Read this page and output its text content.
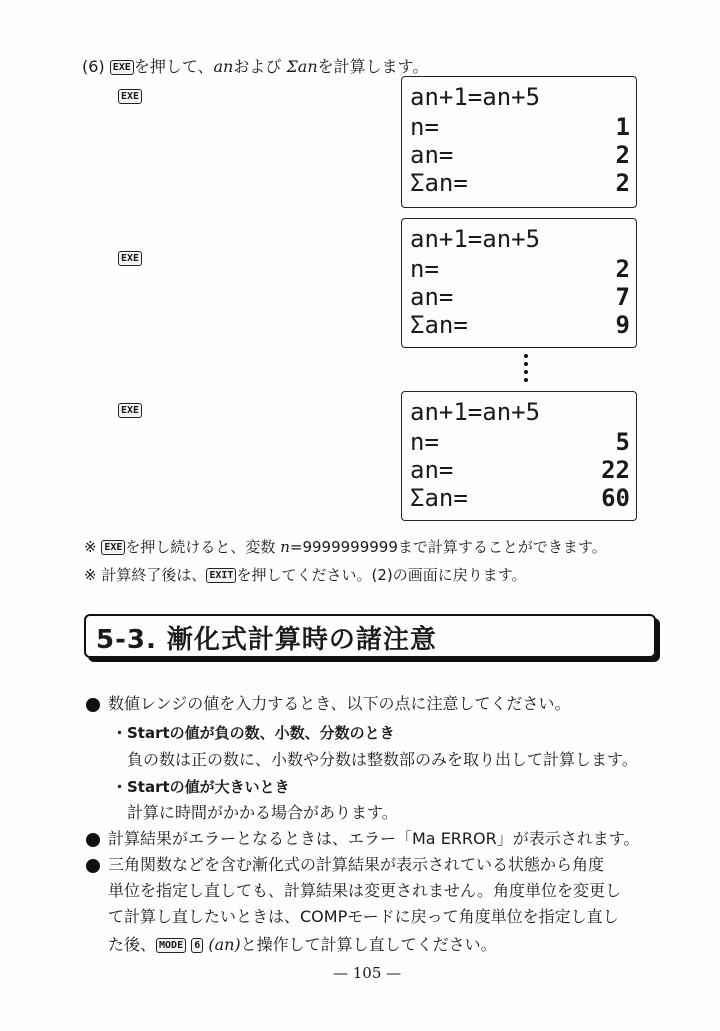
(6) EXE を押して、anおよび Σanを計算します。
EXE
EXE
EXE
an+1=an+5
n=	1
an=	2
Σan=	2
an+1=an+5
n=	2
an=	7
Σan=	9
an+1=an+5
n=	5
an=	22
Σan=	60
※ EXE を押し続けると、変数 n=9999999999まで計算することができます。
※ 計算終了後は、 EXIT を押してください。(2)の画面に戻ります。
5-3. 漸化式計算時の諸注意
数値レンジの値を入力するとき、以下の点に注意してください。
・Startの値が負の数、小数、分数のとき
負の数は正の数に、小数や分数は整数部のみを取り出して計算します。
・Startの値が大きいとき
計算に時間がかかる場合があります。
計算結果がエラーとなるときは、エラー「Ma ERROR」が表示されます。
三角関数などを含む漸化式の計算結果が表示されている状態から角度
単位を指定し直しても、計算結果は変更されません。角度単位を変更し
て計算し直したいときは、COMPモードに戻って角度単位を指定し直し
た後、 MODE 6 (an)と操作して計算し直してください。
— 105 —
